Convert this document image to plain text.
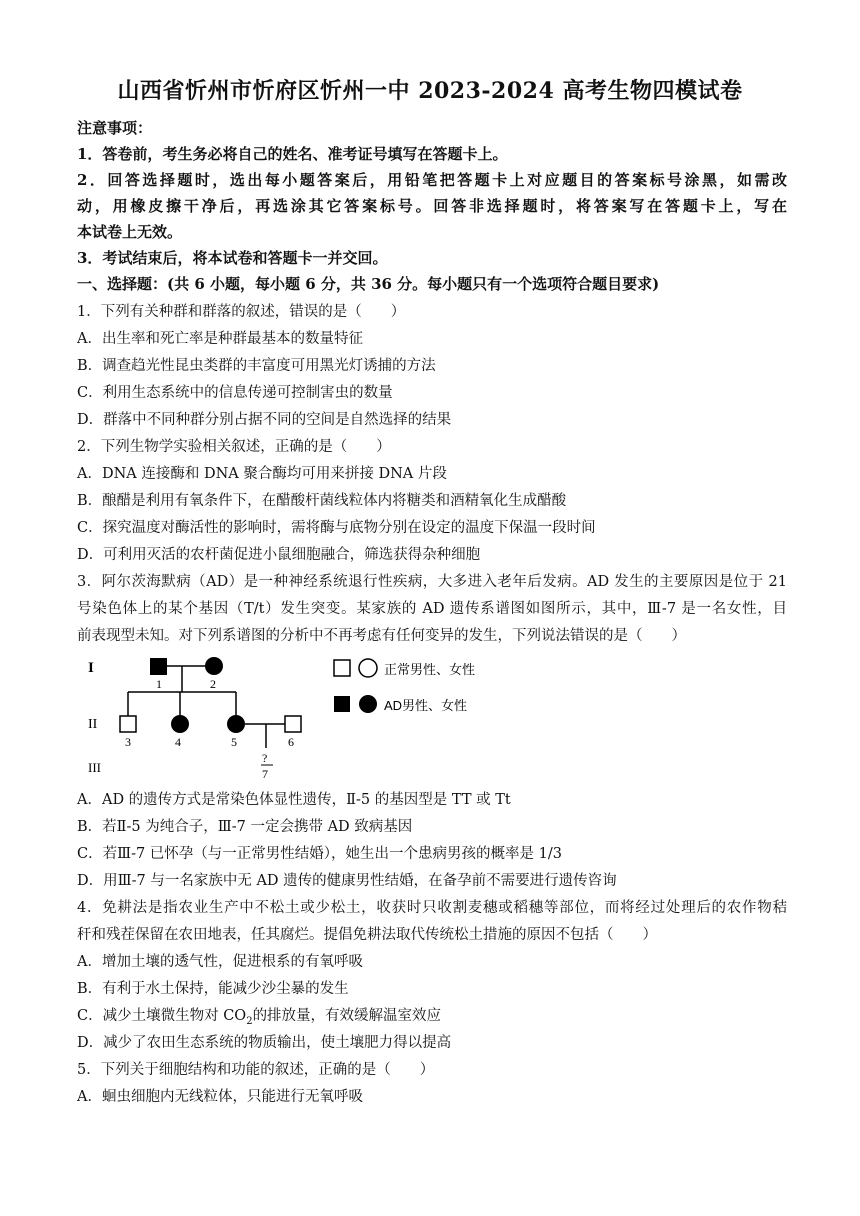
山西省忻州市忻府区忻州一中 2023-2024 高考生物四模试卷
注意事项：
1．答卷前，考生务必将自己的姓名、准考证号填写在答题卡上。
2．回答选择题时，选出每小题答案后，用铅笔把答题卡上对应题目的答案标号涂黑，如需改
动，用橡皮擦干净后，再选涂其它答案标号。回答非选择题时，将答案写在答题卡上，写在
本试卷上无效。
3．考试结束后，将本试卷和答题卡一并交回。
一、选择题：(共 6 小题，每小题 6 分，共 36 分。每小题只有一个选项符合题目要求)
1．下列有关种群和群落的叙述，错误的是（　　）
A．出生率和死亡率是种群最基本的数量特征
B．调查趋光性昆虫类群的丰富度可用黑光灯诱捕的方法
C．利用生态系统中的信息传递可控制害虫的数量
D．群落中不同种群分别占据不同的空间是自然选择的结果
2．下列生物学实验相关叙述，正确的是（　　）
A．DNA 连接酶和 DNA 聚合酶均可用来拼接 DNA 片段
B．酿醋是利用有氧条件下，在醋酸杆菌线粒体内将糖类和酒精氧化生成醋酸
C．探究温度对酶活性的影响时，需将酶与底物分别在设定的温度下保温一段时间
D．可利用灭活的农杆菌促进小鼠细胞融合，筛选获得杂种细胞
3．阿尔茨海默病（AD）是一种神经系统退行性疾病，大多进入老年后发病。AD 发生的主要原因是位于 21
号染色体上的某个基因（T/t）发生突变。某家族的 AD 遗传系谱图如图所示，其中，Ⅲ-7 是一名女性，目
前表现型未知。对下列系谱图的分析中不再考虑有任何变异的发生，下列说法错误的是（　　）
I
II
III
1	2
3	4	5	6
?
7
正常男性、女性
AD男性、女性
A．AD 的遗传方式是常染色体显性遗传，Ⅱ-5 的基因型是 TT 或 Tt
B．若Ⅱ-5 为纯合子，Ⅲ-7 一定会携带 AD 致病基因
C．若Ⅲ-7 已怀孕（与一正常男性结婚），她生出一个患病男孩的概率是 1/3
D．用Ⅲ-7 与一名家族中无 AD 遗传的健康男性结婚，在备孕前不需要进行遗传咨询
4．免耕法是指农业生产中不松土或少松土，收获时只收割麦穗或稻穗等部位，而将经过处理后的农作物秸
秆和残茬保留在农田地表，任其腐烂。提倡免耕法取代传统松土措施的原因不包括（　　）
A．增加土壤的透气性，促进根系的有氧呼吸
B．有利于水土保持，能减少沙尘暴的发生
C．减少土壤微生物对 $CO_2$的排放量，有效缓解温室效应
D．减少了农田生态系统的物质输出，使土壤肥力得以提高
5．下列关于细胞结构和功能的叙述，正确的是（　　）
A．蛔虫细胞内无线粒体，只能进行无氧呼吸
